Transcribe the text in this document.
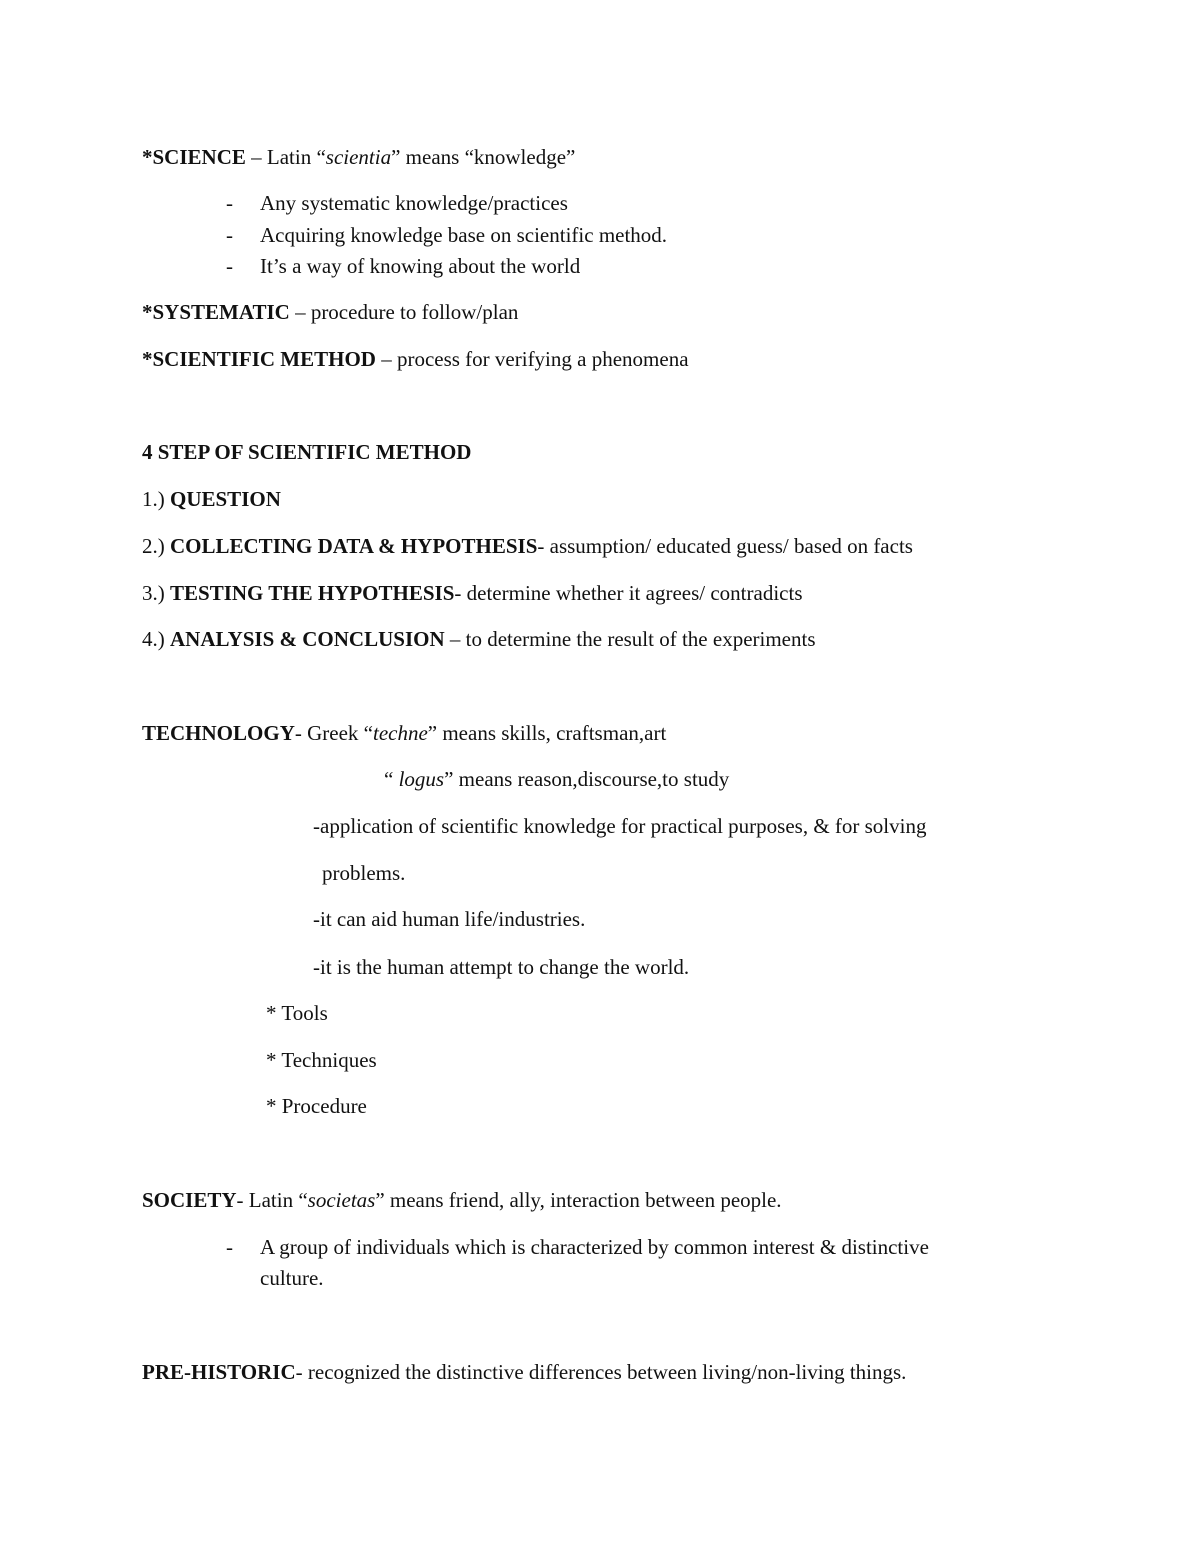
*SCIENCE – Latin “scientia” means “knowledge”
- Any systematic knowledge/practices
- Acquiring knowledge base on scientific method.
- It’s a way of knowing about the world
*SYSTEMATIC – procedure to follow/plan
*SCIENTIFIC METHOD – process for verifying a phenomena
4 STEP OF SCIENTIFIC METHOD
1.) QUESTION
2.) COLLECTING DATA & HYPOTHESIS- assumption/ educated guess/ based on facts
3.) TESTING THE HYPOTHESIS- determine whether it agrees/ contradicts
4.) ANALYSIS & CONCLUSION – to determine the result of the experiments
TECHNOLOGY- Greek “techne” means skills, craftsman,art
“ logus” means reason,discourse,to study
-application of scientific knowledge for practical purposes, & for solving
problems.
-it can aid human life/industries.
-it is the human attempt to change the world.
* Tools
* Techniques
* Procedure
SOCIETY- Latin “societas” means friend, ally, interaction between people.
- A group of individuals which is characterized by common interest & distinctive
culture.
PRE-HISTORIC- recognized the distinctive differences between living/non-living things.
